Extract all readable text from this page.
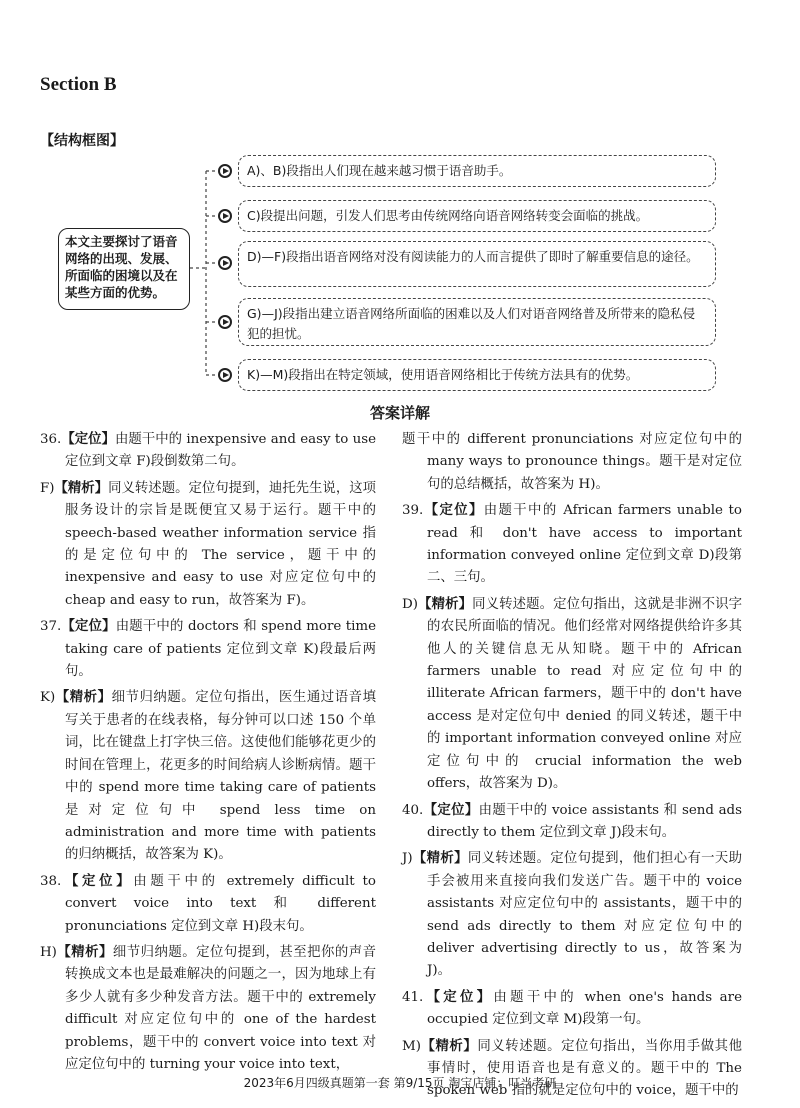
Section B
【结构框图】
本文主要探讨了语音网络的出现、发展、所面临的困境以及在某些方面的优势。
A)、B)段指出人们现在越来越习惯于语音助手。
C)段提出问题，引发人们思考由传统网络向语音网络转变会面临的挑战。
D)—F)段指出语音网络对没有阅读能力的人而言提供了即时了解重要信息的途径。
G)—J)段指出建立语音网络所面临的困难以及人们对语音网络普及所带来的隐私侵犯的担忧。
K)—M)段指出在特定领域，使用语音网络相比于传统方法具有的优势。
答案详解

36.【定位】由题干中的 inexpensive and easy to use 定位到文章 F)段倒数第二句。

F)【精析】同义转述题。定位句提到，迪托先生说，这项服务设计的宗旨是既便宜又易于运行。题干中的 speech-based weather information service 指的是定位句中的 The service，题干中的 inexpensive and easy to use 对应定位句中的 cheap and easy to run，故答案为 F)。

37.【定位】由题干中的 doctors 和 spend more time taking care of patients 定位到文章 K)段最后两句。

K)【精析】细节归纳题。定位句指出，医生通过语音填写关于患者的在线表格，每分钟可以口述 150 个单词，比在键盘上打字快三倍。这使他们能够花更少的时间在管理上，花更多的时间给病人诊断病情。题干中的 spend more time taking care of patients 是对定位句中 spend less time on administration and more time with patients 的归纳概括，故答案为 K)。

38.【定位】由题干中的 extremely difficult to convert voice into text 和 different pronunciations 定位到文章 H)段末句。

H)【精析】细节归纳题。定位句提到，甚至把你的声音转换成文本也是最难解决的问题之一，因为地球上有多少人就有多少种发音方法。题干中的 extremely difficult 对应定位句中的 one of the hardest problems，题干中的 convert voice into text 对应定位句中的 turning your voice into text，

题干中的 different pronunciations 对应定位句中的 many ways to pronounce things。题干是对定位句的总结概括，故答案为 H)。

39.【定位】由题干中的 African farmers unable to read 和 don't have access to important information conveyed online 定位到文章 D)段第二、三句。

D)【精析】同义转述题。定位句指出，这就是非洲不识字的农民所面临的情况。他们经常对网络提供给许多其他人的关键信息无从知晓。题干中的 African farmers unable to read 对应定位句中的 illiterate African farmers，题干中的 don't have access 是对定位句中 denied 的同义转述，题干中的 important information conveyed online 对应定位句中的 crucial information the web offers，故答案为 D)。

40.【定位】由题干中的 voice assistants 和 send ads directly to them 定位到文章 J)段末句。

J)【精析】同义转述题。定位句提到，他们担心有一天助手会被用来直接向我们发送广告。题干中的 voice assistants 对应定位句中的 assistants，题干中的 send ads directly to them 对应定位句中的 deliver advertising directly to us，故答案为 J)。

41.【定位】由题干中的 when one's hands are occupied 定位到文章 M)段第一句。

M)【精析】同义转述题。定位句指出，当你用手做其他事情时，使用语音也是有意义的。题干中的 The spoken web 指的就是定位句中的 voice，题干中的

2023年6月四级真题第一套 第9/15页 淘宝店铺：叮当考研
